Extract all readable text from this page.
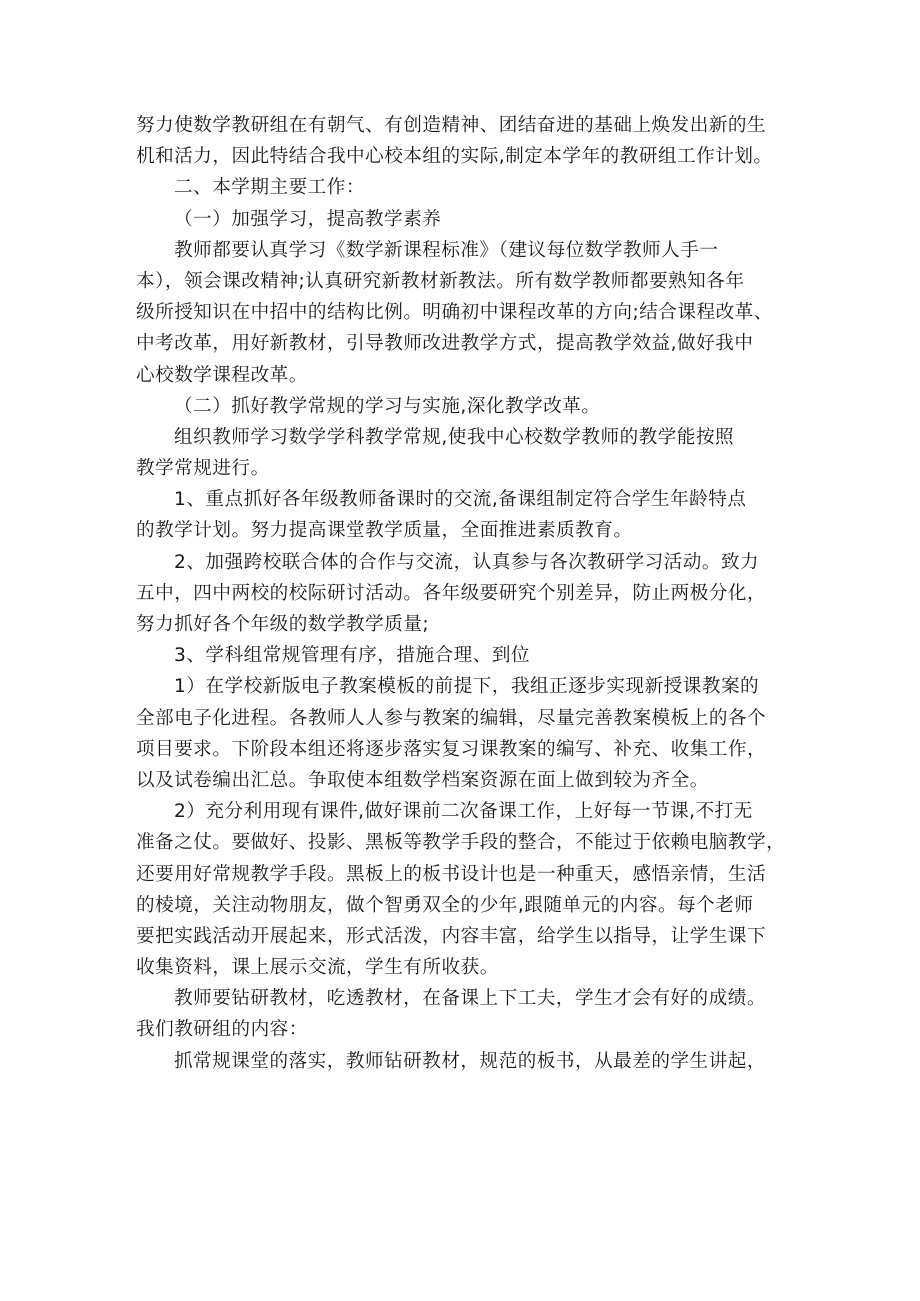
努力使数学教研组在有朝气、有创造精神、团结奋进的基础上焕发出新的生
机和活力，因此特结合我中心校本组的实际,制定本学年的教研组工作计划。
二、本学期主要工作：
（一）加强学习，提高教学素养
教师都要认真学习《数学新课程标准》（建议每位数学教师人手一
本），领会课改精神;认真研究新教材新教法。所有数学教师都要熟知各年
级所授知识在中招中的结构比例。明确初中课程改革的方向;结合课程改革、
中考改革，用好新教材，引导教师改进教学方式，提高教学效益,做好我中
心校数学课程改革。
（二）抓好教学常规的学习与实施,深化教学改革。
组织教师学习数学学科教学常规,使我中心校数学教师的教学能按照
教学常规进行。
1、重点抓好各年级教师备课时的交流,备课组制定符合学生年龄特点
的教学计划。努力提高课堂教学质量，全面推进素质教育。
2、加强跨校联合体的合作与交流，认真参与各次教研学习活动。致力
五中，四中两校的校际研讨活动。各年级要研究个别差异，防止两极分化，
努力抓好各个年级的数学教学质量;
3、学科组常规管理有序，措施合理、到位
1）在学校新版电子教案模板的前提下，我组正逐步实现新授课教案的
全部电子化进程。各教师人人参与教案的编辑，尽量完善教案模板上的各个
项目要求。下阶段本组还将逐步落实复习课教案的编写、补充、收集工作，
以及试卷编出汇总。争取使本组数学档案资源在面上做到较为齐全。
2）充分利用现有课件,做好课前二次备课工作，上好每一节课,不打无
准备之仗。要做好、投影、黑板等教学手段的整合，不能过于依赖电脑教学，
还要用好常规教学手段。黑板上的板书设计也是一种重天，感悟亲情，生活
的棱境，关注动物朋友，做个智勇双全的少年,跟随单元的内容。每个老师
要把实践活动开展起来，形式活泼，内容丰富，给学生以指导，让学生课下
收集资料，课上展示交流，学生有所收获。
教师要钻研教材，吃透教材，在备课上下工夫，学生才会有好的成绩。
我们教研组的内容：
抓常规课堂的落实，教师钻研教材，规范的板书，从最差的学生讲起，
